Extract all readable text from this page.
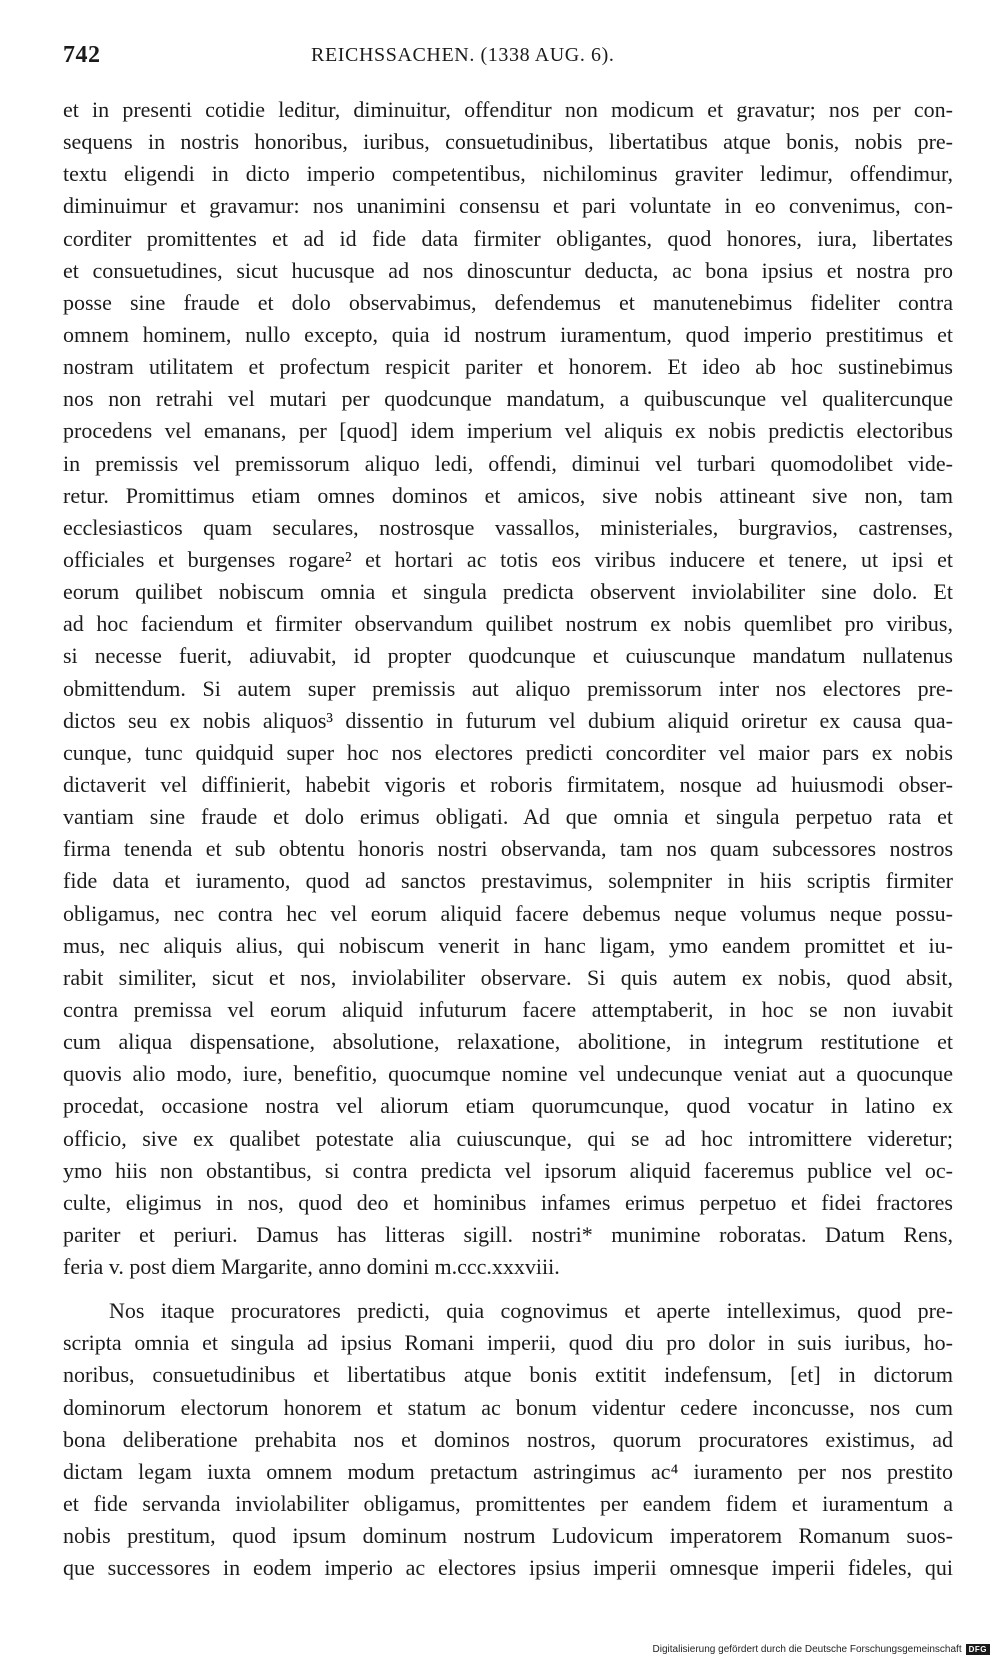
742	REICHSSACHEN. (1338 AUG. 6).
et in presenti cotidie leditur, diminuitur, offenditur non modicum et gravatur; nos per con-
sequens in nostris honoribus, iuribus, consuetudinibus, libertatibus atque bonis, nobis pre-
textu eligendi in dicto imperio competentibus, nichilominus graviter ledimur, offendimur,
diminuimur et gravamur: nos unanimini consensu et pari voluntate in eo convenimus, con-
corditer promittentes et ad id fide data firmiter obligantes, quod honores, iura, libertates
et consuetudines, sicut hucusque ad nos dinoscuntur deducta, ac bona ipsius et nostra pro
posse sine fraude et dolo observabimus, defendemus et manutenebimus fideliter contra
omnem hominem, nullo excepto, quia id nostrum iuramentum, quod imperio prestitimus et
nostram utilitatem et profectum respicit pariter et honorem. Et ideo ab hoc sustinebimus
nos non retrahi vel mutari per quodcunque mandatum, a quibuscunque vel qualitercunque
procedens vel emanans, per [quod] idem imperium vel aliquis ex nobis predictis electoribus
in premissis vel premissorum aliquo ledi, offendi, diminui vel turbari quomodolibet vide-
retur. Promittimus etiam omnes dominos et amicos, sive nobis attineant sive non, tam
ecclesiasticos quam seculares, nostrosque vassallos, ministeriales, burgravios, castrenses,
officiales et burgenses rogare² et hortari ac totis eos viribus inducere et tenere, ut ipsi et
eorum quilibet nobiscum omnia et singula predicta observent inviolabiliter sine dolo. Et
ad hoc faciendum et firmiter observandum quilibet nostrum ex nobis quemlibet pro viribus,
si necesse fuerit, adiuvabit, id propter quodcunque et cuiuscunque mandatum nullatenus
obmittendum. Si autem super premissis aut aliquo premissorum inter nos electores pre-
dictos seu ex nobis aliquos³ dissentio in futurum vel dubium aliquid oriretur ex causa qua-
cunque, tunc quidquid super hoc nos electores predicti concorditer vel maior pars ex nobis
dictaverit vel diffinierit, habebit vigoris et roboris firmitatem, nosque ad huiusmodi obser-
vantiam sine fraude et dolo erimus obligati. Ad que omnia et singula perpetuo rata et
firma tenenda et sub obtentu honoris nostri observanda, tam nos quam subcessores nostros
fide data et iuramento, quod ad sanctos prestavimus, solempniter in hiis scriptis firmiter
obligamus, nec contra hec vel eorum aliquid facere debemus neque volumus neque possu-
mus, nec aliquis alius, qui nobiscum venerit in hanc ligam, ymo eandem promittet et iu-
rabit similiter, sicut et nos, inviolabiliter observare. Si quis autem ex nobis, quod absit,
contra premissa vel eorum aliquid infuturum facere attemptaberit, in hoc se non iuvabit
cum aliqua dispensatione, absolutione, relaxatione, abolitione, in integrum restitutione et
quovis alio modo, iure, benefitio, quocumque nomine vel undecunque veniat aut a quocunque
procedat, occasione nostra vel aliorum etiam quorumcunque, quod vocatur in latino ex
officio, sive ex qualibet potestate alia cuiuscunque, qui se ad hoc intromittere videretur;
ymo hiis non obstantibus, si contra predicta vel ipsorum aliquid faceremus publice vel oc-
culte, eligimus in nos, quod deo et hominibus infames erimus perpetuo et fidei fractores
pariter et periuri. Damus has litteras sigill. nostri* munimine roboratas. Datum Rens,
feria v. post diem Margarite, anno domini m.ccc.xxxviii.
Nos itaque procuratores predicti, quia cognovimus et aperte intelleximus, quod pre-
scripta omnia et singula ad ipsius Romani imperii, quod diu pro dolor in suis iuribus, ho-
noribus, consuetudinibus et libertatibus atque bonis extitit indefensum, [et] in dictorum
dominorum electorum honorem et statum ac bonum videntur cedere inconcusse, nos cum
bona deliberatione prehabita nos et dominos nostros, quorum procuratores existimus, ad
dictam legam iuxta omnem modum pretactum astringimus ac⁴ iuramento per nos prestito
et fide servanda inviolabiliter obligamus, promittentes per eandem fidem et iuramentum a
nobis prestitum, quod ipsum dominum nostrum Ludovicum imperatorem Romanum suos-
que successores in eodem imperio ac electores ipsius imperii omnesque imperii fideles, qui
Digitalisierung gefördert durch die Deutsche Forschungsgemeinschaft DFG
